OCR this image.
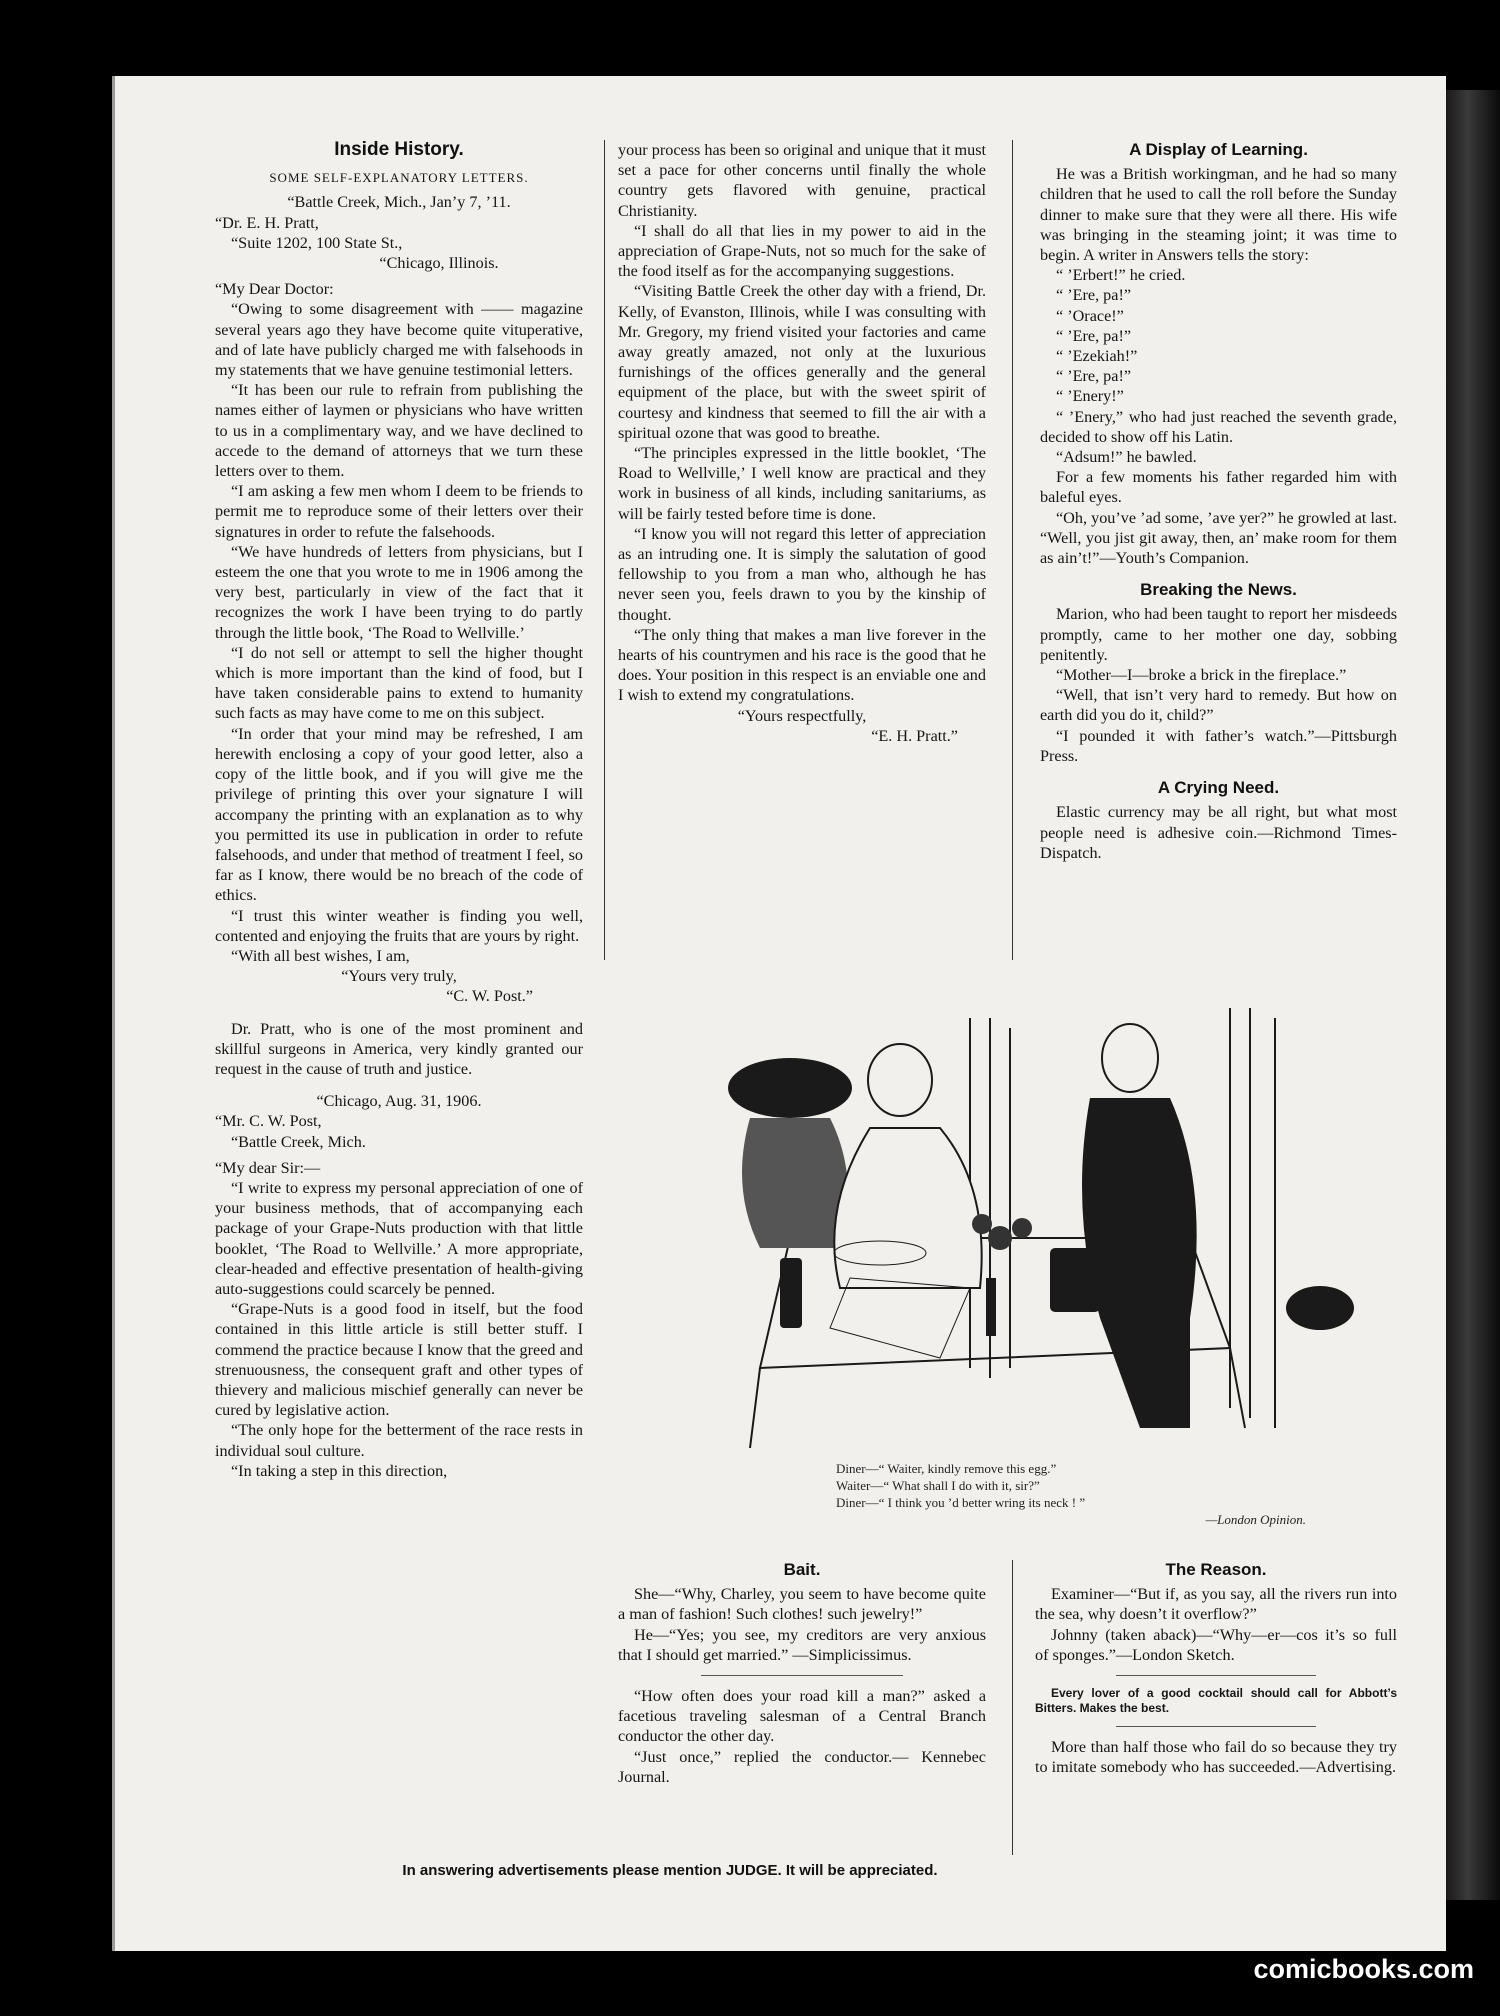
Inside History.
SOME SELF-EXPLANATORY LETTERS.

“Battle Creek, Mich., Jan’y 7, ’11.

“Dr. E. H. Pratt,

“Suite 1202, 100 State St.,

“Chicago, Illinois.

“My Dear Doctor:

“Owing to some disagreement with —— magazine several years ago they have become quite vituperative, and of late have publicly charged me with falsehoods in my statements that we have genuine testimonial letters.

“It has been our rule to refrain from publishing the names either of laymen or physicians who have written to us in a complimentary way, and we have declined to accede to the demand of attorneys that we turn these letters over to them.

“I am asking a few men whom I deem to be friends to permit me to reproduce some of their letters over their signatures in order to refute the falsehoods.

“We have hundreds of letters from physicians, but I esteem the one that you wrote to me in 1906 among the very best, particularly in view of the fact that it recognizes the work I have been trying to do partly through the little book, ‘The Road to Wellville.’

“I do not sell or attempt to sell the higher thought which is more important than the kind of food, but I have taken considerable pains to extend to humanity such facts as may have come to me on this subject.

“In order that your mind may be refreshed, I am herewith enclosing a copy of your good letter, also a copy of the little book, and if you will give me the privilege of printing this over your signature I will accompany the printing with an explanation as to why you permitted its use in publication in order to refute falsehoods, and under that method of treatment I feel, so far as I know, there would be no breach of the code of ethics.

“I trust this winter weather is finding you well, contented and enjoying the fruits that are yours by right.

“With all best wishes, I am,

“Yours very truly,

“C. W. Post.”

Dr. Pratt, who is one of the most prominent and skillful surgeons in America, very kindly granted our request in the cause of truth and justice.

“Chicago, Aug. 31, 1906.

“Mr. C. W. Post,

“Battle Creek, Mich.

“My dear Sir:—

“I write to express my personal appreciation of one of your business methods, that of accompanying each package of your Grape-Nuts production with that little booklet, ‘The Road to Wellville.’ A more appropriate, clear-headed and effective presentation of health-giving auto-suggestions could scarcely be penned.

“Grape-Nuts is a good food in itself, but the food contained in this little article is still better stuff. I commend the practice because I know that the greed and strenuousness, the consequent graft and other types of thievery and malicious mischief generally can never be cured by legislative action.

“The only hope for the betterment of the race rests in individual soul culture.

“In taking a step in this direction,

your process has been so original and unique that it must set a pace for other concerns until finally the whole country gets flavored with genuine, practical Christianity.

“I shall do all that lies in my power to aid in the appreciation of Grape-Nuts, not so much for the sake of the food itself as for the accompanying suggestions.

“Visiting Battle Creek the other day with a friend, Dr. Kelly, of Evanston, Illinois, while I was consulting with Mr. Gregory, my friend visited your factories and came away greatly amazed, not only at the luxurious furnishings of the offices generally and the general equipment of the place, but with the sweet spirit of courtesy and kindness that seemed to fill the air with a spiritual ozone that was good to breathe.

“The principles expressed in the little booklet, ‘The Road to Wellville,’ I well know are practical and they work in business of all kinds, including sanitariums, as will be fairly tested before time is done.

“I know you will not regard this letter of appreciation as an intruding one. It is simply the salutation of good fellowship to you from a man who, although he has never seen you, feels drawn to you by the kinship of thought.

“The only thing that makes a man live forever in the hearts of his countrymen and his race is the good that he does. Your position in this respect is an enviable one and I wish to extend my congratulations.

“Yours respectfully,

“E. H. Pratt.”

A Display of Learning.

He was a British workingman, and he had so many children that he used to call the roll before the Sunday dinner to make sure that they were all there. His wife was bringing in the steaming joint; it was time to begin. A writer in Answers tells the story:

“ ’Erbert!” he cried.

“ ’Ere, pa!”

“ ’Orace!”

“ ’Ere, pa!”

“ ’Ezekiah!”

“ ’Ere, pa!”

“ ’Enery!”

“ ’Enery,” who had just reached the seventh grade, decided to show off his Latin.

“Adsum!” he bawled.

For a few moments his father regarded him with baleful eyes.

“Oh, you’ve ’ad some, ’ave yer?” he growled at last. “Well, you jist git away, then, an’ make room for them as ain’t!”—Youth’s Companion.

Breaking the News.

Marion, who had been taught to report her misdeeds promptly, came to her mother one day, sobbing penitently.

“Mother—I—broke a brick in the fireplace.”

“Well, that isn’t very hard to remedy. But how on earth did you do it, child?”

“I pounded it with father’s watch.”—Pittsburgh Press.

A Crying Need.

Elastic currency may be all right, but what most people need is adhesive coin.—Richmond Times-Dispatch.

Diner—“ Waiter, kindly remove this egg.”
Waiter—“ What shall I do with it, sir?”
Diner—“ I think you ’d better wring its neck ! ”
—London Opinion.
Bait.

She—“Why, Charley, you seem to have become quite a man of fashion! Such clothes! such jewelry!”

He—“Yes; you see, my creditors are very anxious that I should get married.” —Simplicissimus.

“How often does your road kill a man?” asked a facetious traveling salesman of a Central Branch conductor the other day.

“Just once,” replied the conductor.— Kennebec Journal.

The Reason.

Examiner—“But if, as you say, all the rivers run into the sea, why doesn’t it overflow?”

Johnny (taken aback)—“Why—er—cos it’s so full of sponges.”—London Sketch.

Every lover of a good cocktail should call for Abbott’s Bitters. Makes the best.

More than half those who fail do so because they try to imitate somebody who has succeeded.—Advertising.

In answering advertisements please mention JUDGE. It will be appreciated.
comicbooks.com
